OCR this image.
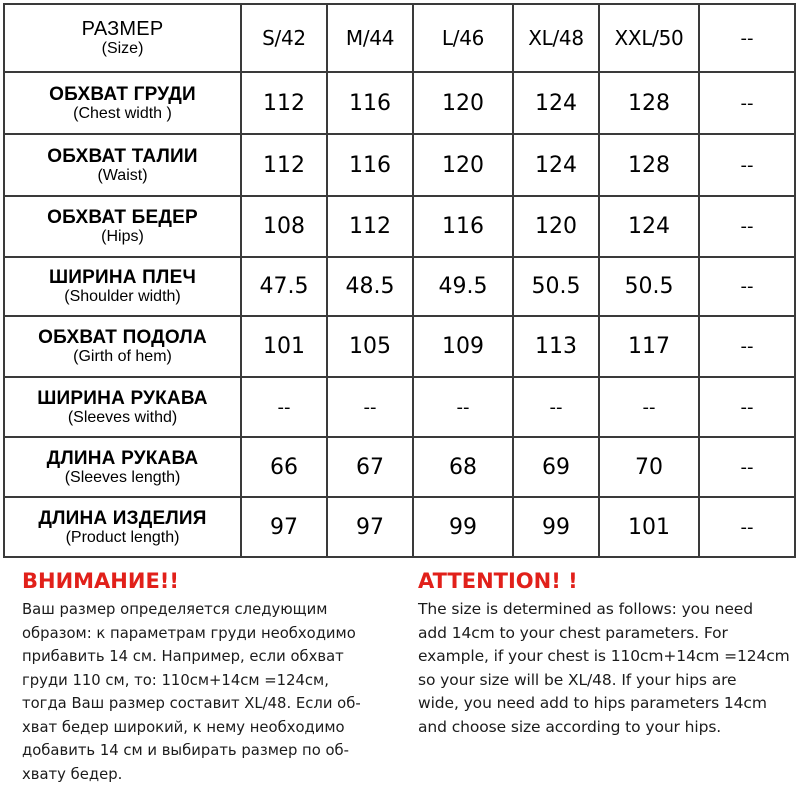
РАЗМЕР
(Size)	S/42	M/44	L/46	XL/48	XXL/50	--

ОБХВАТ ГРУДИ
(Chest width )	112	116	120	124	128	--

ОБХВАТ ТАЛИИ
(Waist)	112	116	120	124	128	--

ОБХВАТ БЕДЕР
(Hips)	108	112	116	120	124	--

ШИРИНА ПЛЕЧ
(Shoulder width)	47.5	48.5	49.5	50.5	50.5	--

ОБХВАТ ПОДОЛА
(Girth of hem)	101	105	109	113	117	--

ШИРИНА РУКАВА
(Sleeves withd)	--	--	--	--	--	--

ДЛИНА РУКАВА
(Sleeves length)	66	67	68	69	70	--

ДЛИНА ИЗДЕЛИЯ
(Product length)	97	97	99	99	101	--
ВНИМАНИЕ!!
Ваш размер определяется следующим
образом: к параметрам груди необходимо
прибавить 14 см. Например, если обхват
груди 110 см, то: 110см+14см =124см,
тогда Ваш размер составит XL/48. Если об-
хват бедер широкий, к нему необходимо
добавить 14 см и выбирать размер по об-
хвату бедер.
ATTENTION! !
The size is determined as follows: you need
add 14cm to your chest parameters. For
example, if your chest is 110cm+14cm =124cm
so your size will be XL/48. If your hips are
wide, you need add to hips parameters 14cm
and choose size according to your hips.
